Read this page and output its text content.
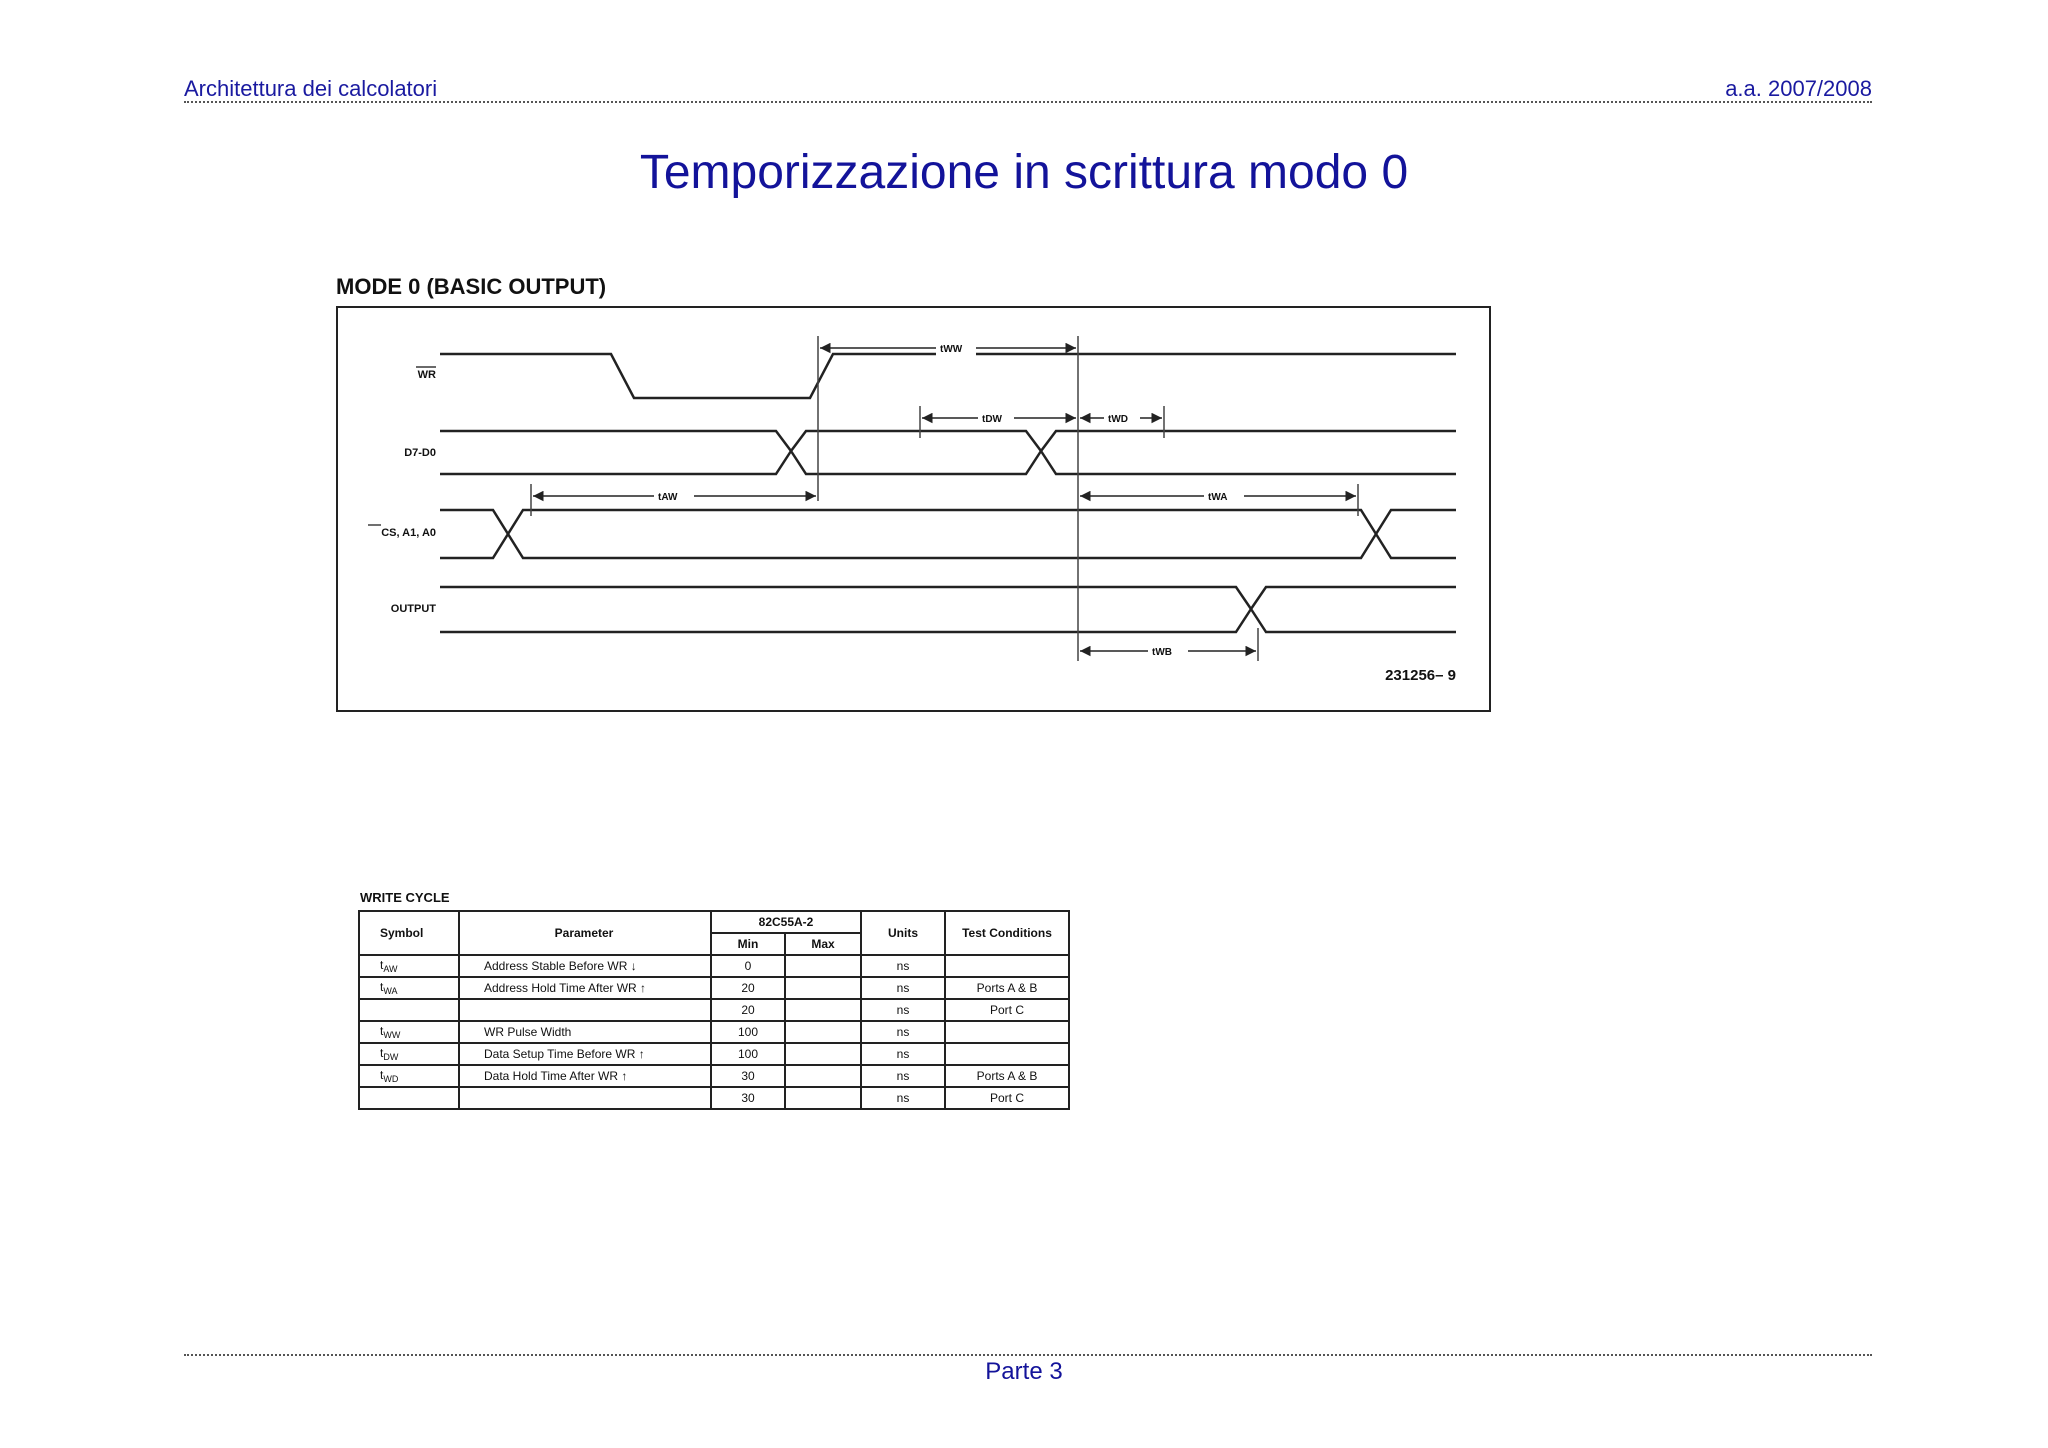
Architettura dei calcolatori	a.a. 2007/2008
Temporizzazione in scrittura modo 0
MODE 0 (BASIC OUTPUT)
tWW
tDW	tWD
tAW	tWA
tWB
WR
D7-D0
CS, A1, A0
OUTPUT
231256– 9
WRITE CYCLE
Symbol	Parameter	82C55A-2		Units	Test Conditions
		Min	Max		
$t_{AW}$	Address Stable Before WR ↓	0		ns	
$t_{WA}$	Address Hold Time After WR ↑	20		ns	Ports A & B
		20		ns	Port C
$t_{WW}$	WR Pulse Width	100		ns	
$t_{DW}$	Data Setup Time Before WR ↑	100		ns	
$t_{WD}$	Data Hold Time After WR ↑	30		ns	Ports A & B
		30		ns	Port C
Parte 3
